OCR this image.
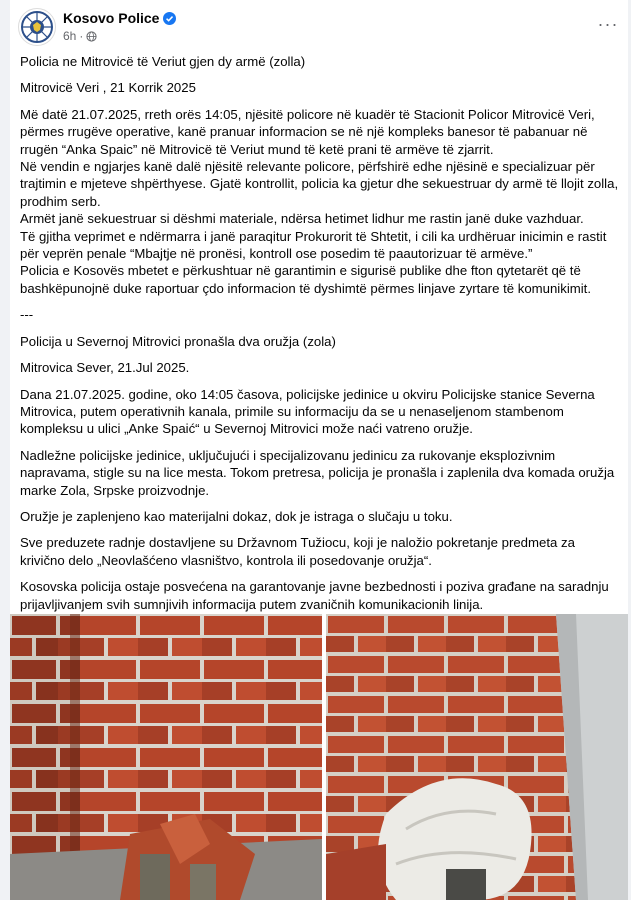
Kosovo Police
6h ·
···

Policia ne Mitrovicë të Veriut gjen dy armë (zolla)

Mitrovicë Veri , 21 Korrik 2025

Më datë 21.07.2025, rreth orës 14:05, njësitë policore në kuadër të Stacionit Policor Mitrovicë Veri, përmes rrugëve operative, kanë pranuar informacion se në një kompleks banesor të pabanuar në rrugën “Anka Spaic” në Mitrovicë të Veriut mund të ketë prani të armëve të zjarrit.
Në vendin e ngjarjes kanë dalë njësitë relevante policore, përfshirë edhe njësinë e specializuar për trajtimin e mjeteve shpërthyese. Gjatë kontrollit, policia ka gjetur dhe sekuestruar dy armë të llojit zolla, prodhim serb.
Armët janë sekuestruar si dëshmi materiale, ndërsa hetimet lidhur me rastin janë duke vazhduar.
Të gjitha veprimet e ndërmarra i janë paraqitur Prokurorit të Shtetit, i cili ka urdhëruar inicimin e rastit për veprën penale “Mbajtje në pronësi, kontroll ose posedim të paautorizuar të armëve.”
Policia e Kosovës mbetet e përkushtuar në garantimin e sigurisë publike dhe fton qytetarët që të bashkëpunojnë duke raportuar çdo informacion të dyshimtë përmes linjave zyrtare të komunikimit.

---

Policija u Severnoj Mitrovici pronašla dva oružja (zola)

Mitrovica Sever, 21.Jul 2025.

Dana 21.07.2025. godine, oko 14:05 časova, policijske jedinice u okviru Policijske stanice Severna Mitrovica, putem operativnih kanala, primile su informaciju da se u nenaseljenom stambenom kompleksu u ulici „Anke Spaić“ u Severnoj Mitrovici može naći vatreno oružje.

Nadležne policijske jedinice, uključujući i specijalizovanu jedinicu za rukovanje eksplozivnim napravama, stigle su na lice mesta. Tokom pretresa, policija je pronašla i zaplenila dva komada oružja marke Zola, Srpske proizvodnje.

Oružje je zaplenjeno kao materijalni dokaz, dok je istraga o slučaju u toku.

Sve preduzete radnje dostavljene su Državnom Tužiocu, koji je naložio pokretanje predmeta za krivično delo „Neovlašćeno vlasništvo, kontrola ili posedovanje oružja“.

Kosovska policija ostaje posvećena na garantovanje javne bezbednosti i poziva građane na saradnju prijavljivanjem svih sumnjivih informacija putem zvaničnih komunikacionih linija.
